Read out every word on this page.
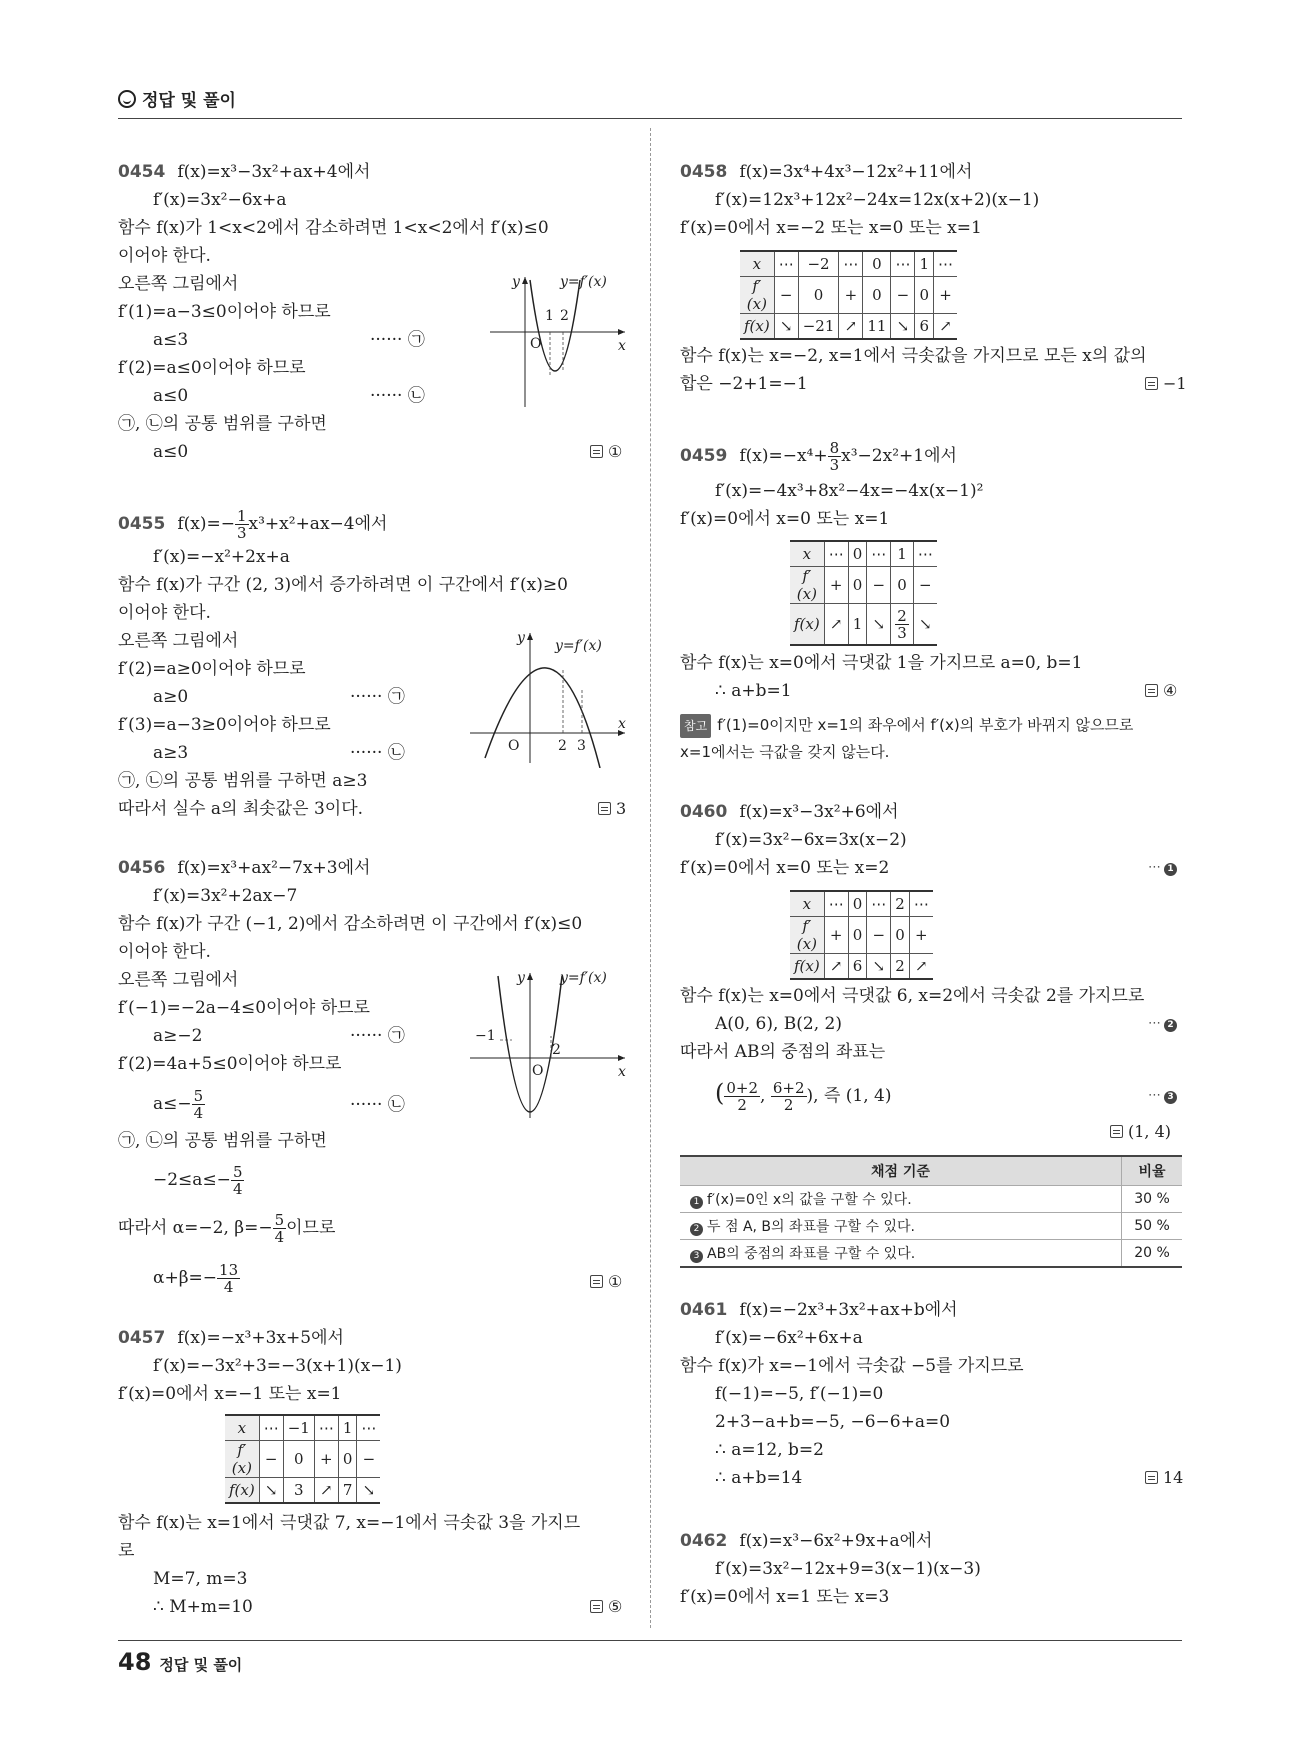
정답 및 풀이
0454 f(x)=x³−3x²+ax+4에서
f′(x)=3x²−6x+a
함수 f(x)가 1<x<2에서 감소하려면 1<x<2에서 f′(x)≤0
이어야 한다.
오른쪽 그림에서
f′(1)=a−3≤0이어야 하므로
a≤3	······ ㉠
f′(2)=a≤0이어야 하므로
a≤0	······ ㉡
㉠, ㉡의 공통 범위를 구하면
a≤0	①
y
x
O
1 2
y=f′(x)
0455 $f(x)=- \frac{1}{3} x^3+x^2+ax-4$에서
f′(x)=−x²+2x+a
함수 f(x)가 구간 (2, 3)에서 증가하려면 이 구간에서 f′(x)≥0
이어야 한다.
오른쪽 그림에서
f′(2)=a≥0이어야 하므로
a≥0	······ ㉠
f′(3)=a−3≥0이어야 하므로
a≥3	······ ㉡
㉠, ㉡의 공통 범위를 구하면 a≥3
따라서 실수 a의 최솟값은 3이다.	3
y
x
O	2 3
y=f′(x)
0456 f(x)=x³+ax²−7x+3에서
f′(x)=3x²+2ax−7
함수 f(x)가 구간 (−1, 2)에서 감소하려면 이 구간에서 f′(x)≤0
이어야 한다.
오른쪽 그림에서
f′(−1)=−2a−4≤0이어야 하므로
a≥−2	······ ㉠
f′(2)=4a+5≤0이어야 하므로
$a\le- \frac{5}{4}$	······ ㉡
㉠, ㉡의 공통 범위를 구하면
$-2\le a\le- \frac{5}{4}$
따라서 α=−2, $\beta=- \frac{5}{4}$ 이므로
$\alpha+\beta=- \frac{13}{4}$	①
y
x
O
−1
2
y=f′(x)
0457 f(x)=−x³+3x+5에서
f′(x)=−3x²+3=−3(x+1)(x−1)
f′(x)=0에서 x=−1 또는 x=1
x	⋯	−1	⋯	1	⋯
f′(x)	−	0	+	0	−
f(x)	↘	3	↗	7	↘
함수 f(x)는 x=1에서 극댓값 7, x=−1에서 극솟값 3을 가지므
로
M=7, m=3
∴ M+m=10	⑤
0458 f(x)=3x⁴+4x³−12x²+11에서
f′(x)=12x³+12x²−24x=12x(x+2)(x−1)
f′(x)=0에서 x=−2 또는 x=0 또는 x=1
x	⋯	−2	⋯	0	⋯	1	⋯
f′(x)	−	0	+	0	−	0	+
f(x)	↘	−21	↗	11	↘	6	↗
함수 f(x)는 x=−2, x=1에서 극솟값을 가지므로 모든 x의 값의
합은 −2+1=−1	−1
0459 $f(x)=-x^4+ \frac{8}{3} x^3-2x^2+1$에서
f′(x)=−4x³+8x²−4x=−4x(x−1)²
f′(x)=0에서 x=0 또는 x=1
x	⋯	0	⋯	1	⋯
f′(x)	+	0	−	0	−
f(x)	↗	1	↘	$\frac{2}{3}$	↘
함수 f(x)는 x=0에서 극댓값 1을 가지므로 a=0, b=1
∴ a+b=1	④
참고 f′(1)=0이지만 x=1의 좌우에서 f′(x)의 부호가 바뀌지 않으므로
x=1에서는 극값을 갖지 않는다.
0460 f(x)=x³−3x²+6에서
f′(x)=3x²−6x=3x(x−2)
f′(x)=0에서 x=0 또는 x=2	⋯ 1
x	⋯	0	⋯	2	⋯
f′(x)	+	0	−	0	+
f(x)	↗	6	↘	2	↗
함수 f(x)는 x=0에서 극댓값 6, x=2에서 극솟값 2를 가지므로
A(0, 6), B(2, 2)	⋯ 2
따라서 AB의 중점의 좌표는
( $\frac{0+2}{2}$ , $\frac{6+2}{2}$ ), 즉 (1, 4)	⋯ 3
(1, 4)
채점 기준	비율
1 f′(x)=0인 x의 값을 구할 수 있다.	30 %
2 두 점 A, B의 좌표를 구할 수 있다.	50 %
3 AB의 중점의 좌표를 구할 수 있다.	20 %
0461 f(x)=−2x³+3x²+ax+b에서
f′(x)=−6x²+6x+a
함수 f(x)가 x=−1에서 극솟값 −5를 가지므로
f(−1)=−5, f′(−1)=0
2+3−a+b=−5, −6−6+a=0
∴ a=12, b=2
∴ a+b=14	14
0462 f(x)=x³−6x²+9x+a에서
f′(x)=3x²−12x+9=3(x−1)(x−3)
f′(x)=0에서 x=1 또는 x=3
48 정답 및 풀이
